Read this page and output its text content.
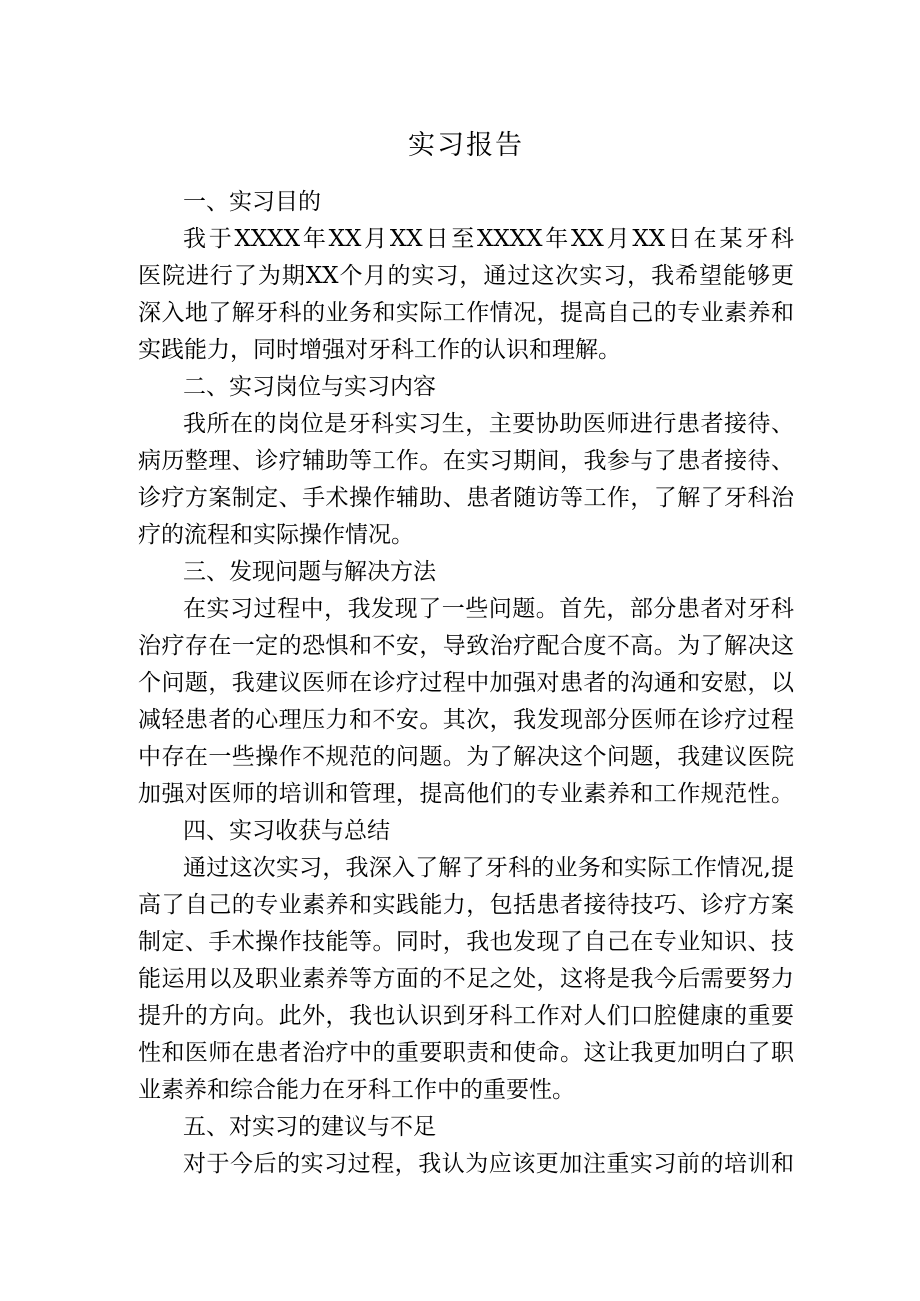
实习报告
一、实习目的
我于XXXX年XX月XX日至XXXX年XX月XX日在某牙科
医院进行了为期XX个月的实习，通过这次实习，我希望能够更
深入地了解牙科的业务和实际工作情况，提高自己的专业素养和
实践能力，同时增强对牙科工作的认识和理解。
二、实习岗位与实习内容
我所在的岗位是牙科实习生，主要协助医师进行患者接待、
病历整理、诊疗辅助等工作。在实习期间，我参与了患者接待、
诊疗方案制定、手术操作辅助、患者随访等工作，了解了牙科治
疗的流程和实际操作情况。
三、发现问题与解决方法
在实习过程中，我发现了一些问题。首先，部分患者对牙科
治疗存在一定的恐惧和不安，导致治疗配合度不高。为了解决这
个问题，我建议医师在诊疗过程中加强对患者的沟通和安慰，以
减轻患者的心理压力和不安。其次，我发现部分医师在诊疗过程
中存在一些操作不规范的问题。为了解决这个问题，我建议医院
加强对医师的培训和管理，提高他们的专业素养和工作规范性。
四、实习收获与总结
通过这次实习，我深入了解了牙科的业务和实际工作情况,提
高了自己的专业素养和实践能力，包括患者接待技巧、诊疗方案
制定、手术操作技能等。同时，我也发现了自己在专业知识、技
能运用以及职业素养等方面的不足之处，这将是我今后需要努力
提升的方向。此外，我也认识到牙科工作对人们口腔健康的重要
性和医师在患者治疗中的重要职责和使命。这让我更加明白了职
业素养和综合能力在牙科工作中的重要性。
五、对实习的建议与不足
对于今后的实习过程，我认为应该更加注重实习前的培训和
